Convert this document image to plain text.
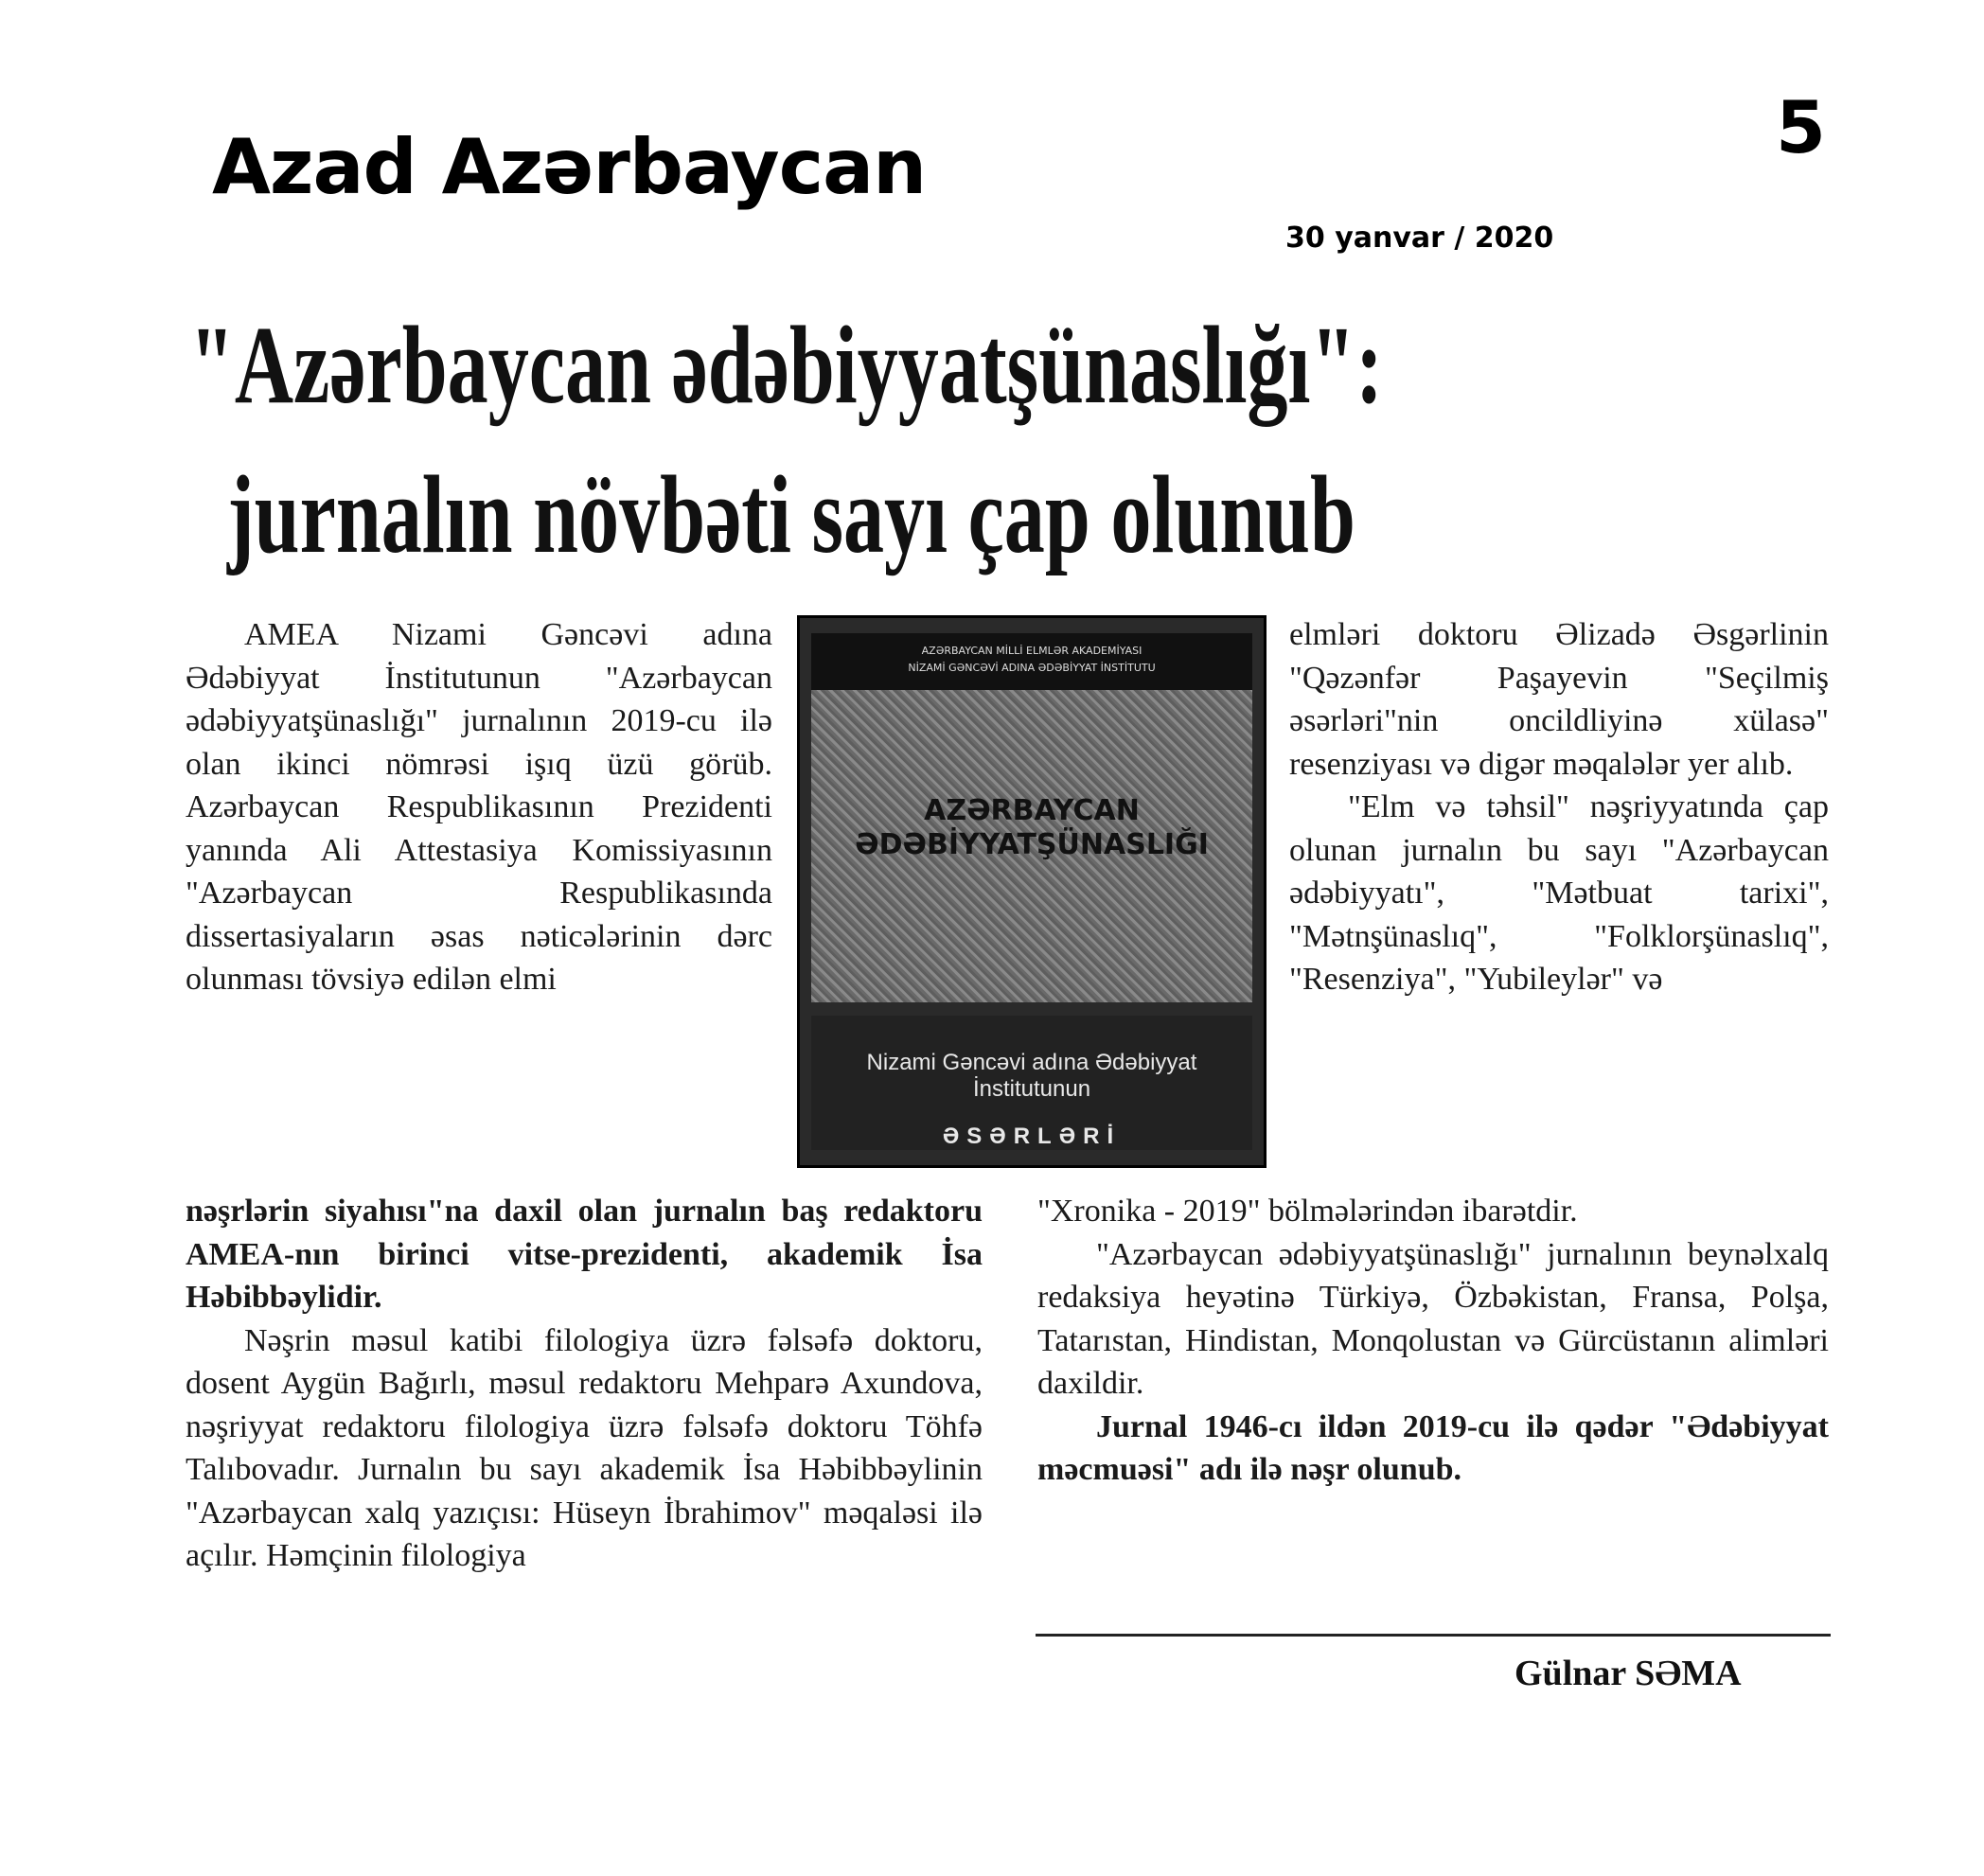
Azad Azərbaycan	5
30 yanvar / 2020
"Azərbaycan ədəbiyyatşünaslığı":
jurnalın növbəti sayı çap olunub

AMEA Nizami Gəncəvi adına Ədəbiyyat İnstitutunun "Azərbaycan ədəbiyyatşünaslığı" jurnalının 2019-cu ilə olan ikinci nömrəsi işıq üzü görüb. Azərbaycan Respublikasının Prezidenti yanında Ali Attestasiya Komissiyasının "Azərbaycan Respublikasında dissertasiyaların əsas nəticələrinin dərc olunması tövsiyə edilən elmi

AZƏRBAYCAN MİLLİ ELMLƏR AKADEMİYASI
NİZAMİ GƏNCƏVİ ADINA ƏDƏBİYYAT İNSTİTUTU
AZƏRBAYCAN
ƏDƏBİYYATŞÜNASLIĞI
Nizami Gəncəvi adına Ədəbiyyat İnstitutunun
ƏSƏRLƏRİ

nəşrlərin siyahısı"na daxil olan jurnalın baş redaktoru AMEA-nın birinci vitse-prezidenti, akademik İsa Həbibbəylidir.

Nəşrin məsul katibi filologiya üzrə fəlsəfə doktoru, dosent Aygün Bağırlı, məsul redaktoru Mehparə Axundova, nəşriyyat redaktoru filologiya üzrə fəlsəfə doktoru Töhfə Talıbovadır. Jurnalın bu sayı akademik İsa Həbibbəylinin "Azərbaycan xalq yazıçısı: Hüseyn İbrahimov" məqaləsi ilə açılır. Həmçinin filologiya

elmləri doktoru Əlizadə Əsgərlinin "Qəzənfər Paşayevin "Seçilmiş əsərləri"nin oncildliyinə xülasə" resenziyası və digər məqalələr yer alıb.

"Elm və təhsil" nəşriyyatında çap olunan jurnalın bu sayı "Azərbaycan ədəbiyyatı", "Mətbuat tarixi", "Mətnşünaslıq", "Folklorşünaslıq", "Resenziya", "Yubileylər" və

"Xronika - 2019" bölmələrindən ibarətdir.

"Azərbaycan ədəbiyyatşünaslığı" jurnalının beynəlxalq redaksiya heyətinə Türkiyə, Özbəkistan, Fransa, Polşa, Tatarıstan, Hindistan, Monqolustan və Gürcüstanın alimləri daxildir.

Jurnal 1946-cı ildən 2019-cu ilə qədər "Ədəbiyyat məcmuəsi" adı ilə nəşr olunub.

Gülnar SƏMA
